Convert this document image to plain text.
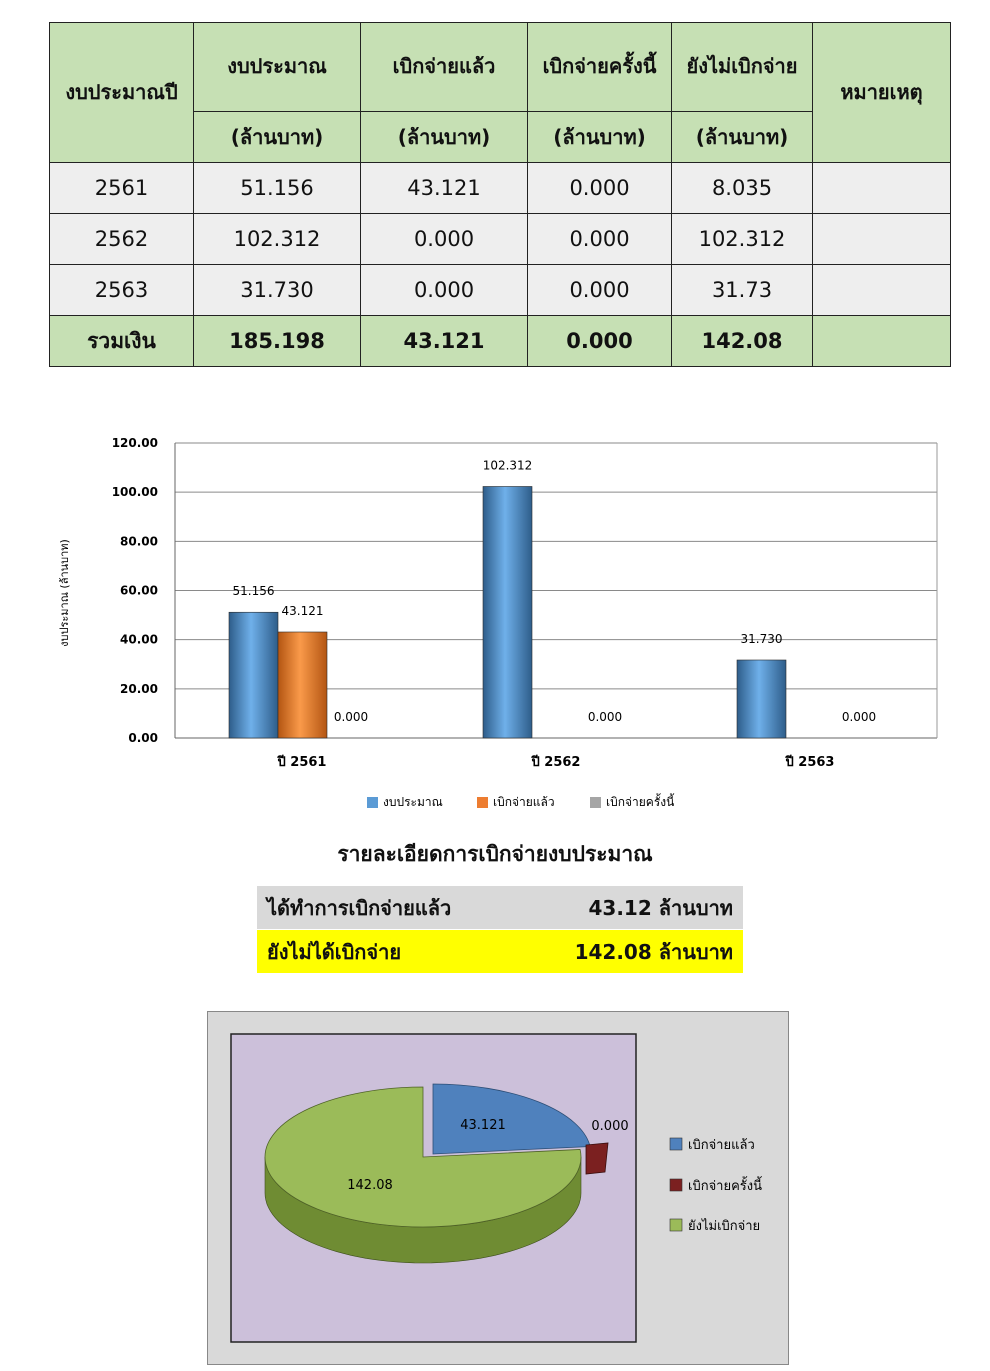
งบประมาณปี	งบประมาณ	เบิกจ่ายแล้ว	เบิกจ่ายครั้งนี้	ยังไม่เบิกจ่าย	หมายเหตุ
	(ล้านบาท)	(ล้านบาท)	(ล้านบาท)	(ล้านบาท)	
2561	51.156	43.121	0.000	8.035	
2562	102.312	0.000	0.000	102.312	
2563	31.730	0.000	0.000	31.73	
รวมเงิน	185.198	43.121	0.000	142.08	
0.00
20.00
40.00
60.00
80.00
100.00
120.00
51.156
43.121
0.000
ปี 2561
102.312
0.000
ปี 2562
31.730
0.000
ปี 2563
งบประมาณ (ล้านบาท)
งบประมาณ	เบิกจ่ายแล้ว	เบิกจ่ายครั้งนี้
รายละเอียดการเบิกจ่ายงบประมาณ
ได้ทำการเบิกจ่ายแล้ว	43.12 ล้านบาท
ยังไม่ได้เบิกจ่าย	142.08 ล้านบาท
43.121	0.000
142.08
เบิกจ่ายแล้ว
เบิกจ่ายครั้งนี้
ยังไม่เบิกจ่าย
